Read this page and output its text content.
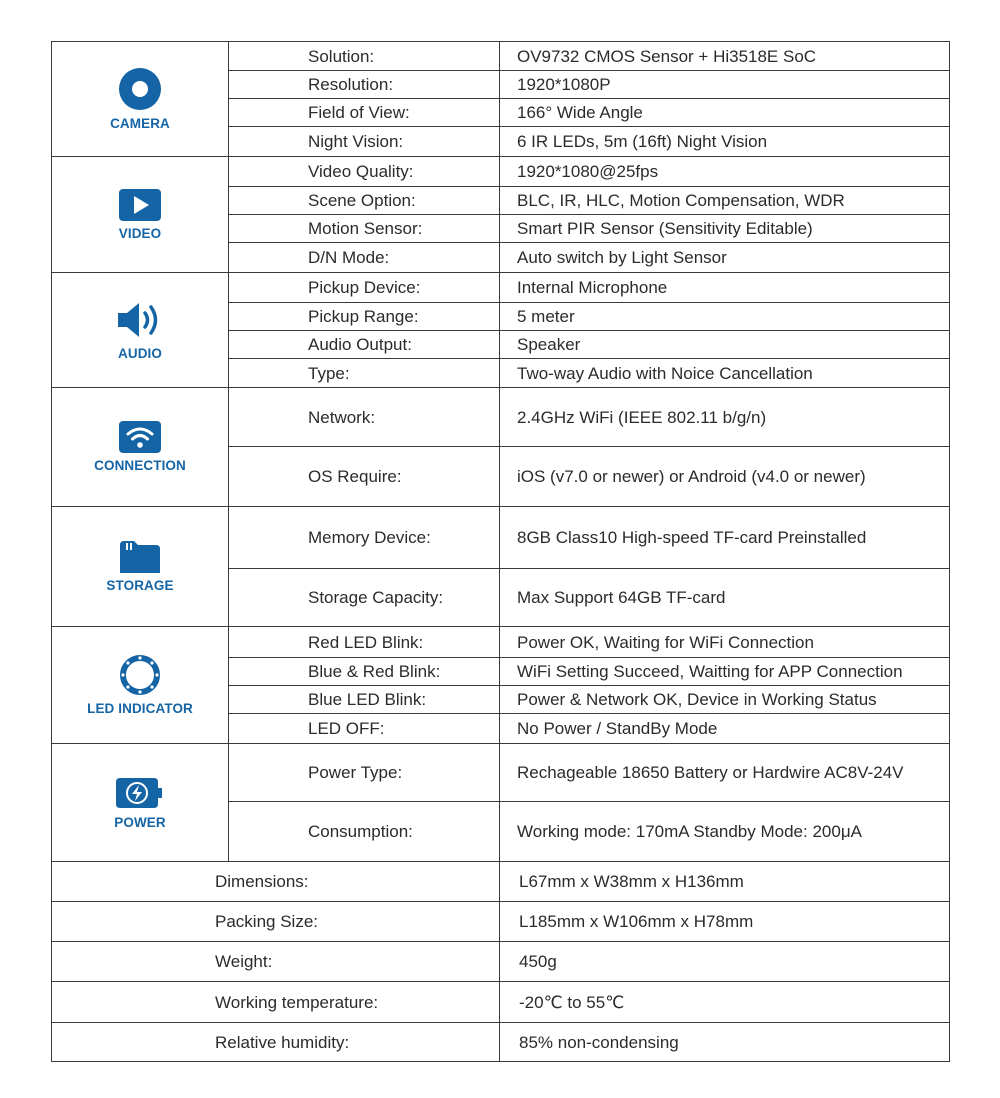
CAMERA	Solution:	OV9732 CMOS Sensor + Hi3518E SoC
	Resolution:	1920*1080P
	Field of View:	166° Wide Angle
	Night Vision:	6 IR LEDs, 5m (16ft) Night Vision

VIDEO	Video Quality:	1920*1080@25fps
	Scene Option:	BLC, IR, HLC, Motion Compensation, WDR
	Motion Sensor:	Smart PIR Sensor (Sensitivity Editable)
	D/N Mode:	Auto switch by Light Sensor

AUDIO	Pickup Device:	Internal Microphone
	Pickup Range:	5 meter
	Audio Output:	Speaker
	Type:	Two-way Audio with Noice Cancellation

CONNECTION	Network:	2.4GHz WiFi (IEEE 802.11 b/g/n)
	OS Require:	iOS (v7.0 or newer) or Android (v4.0 or newer)

STORAGE	Memory Device:	8GB Class10 High-speed TF-card Preinstalled
	Storage Capacity:	Max Support 64GB TF-card

LED INDICATOR	Red LED Blink:	Power OK, Waiting for WiFi Connection
	Blue & Red Blink:	WiFi Setting Succeed, Waitting for APP Connection
	Blue LED Blink:	Power & Network OK, Device in Working Status
	LED OFF:	No Power / StandBy Mode

POWER	Power Type:	Rechageable 18650 Battery or Hardwire AC8V-24V
	Consumption:	Working mode: 170mA Standby Mode: 200μA
Dimensions:		L67mm x W38mm x H136mm
Packing Size:		L185mm x W106mm x H78mm
Weight:		450g
Working temperature:		-20℃ to 55℃
Relative humidity:		85% non-condensing
